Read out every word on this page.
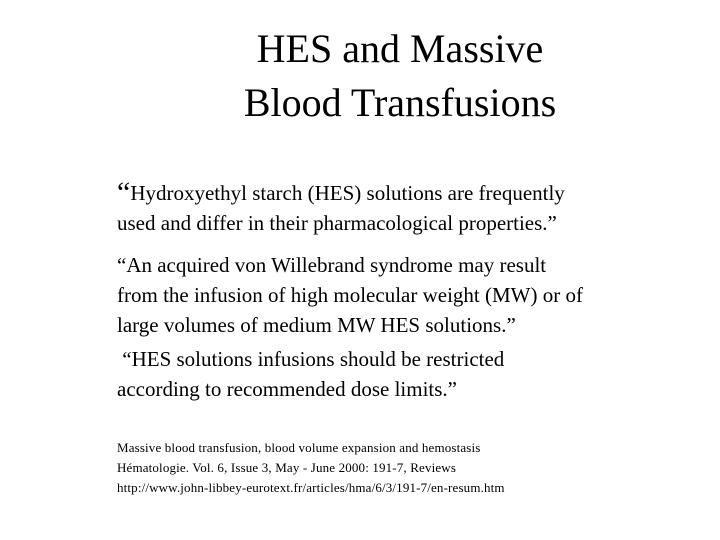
HES and Massive
Blood Transfusions
“Hydroxyethyl starch (HES) solutions are frequently
used and differ in their pharmacological properties.”
“An acquired von Willebrand syndrome may result
from the infusion of high molecular weight (MW) or of
large volumes of medium MW HES solutions.”
“HES solutions infusions should be restricted
according to recommended dose limits.”
Massive blood transfusion, blood volume expansion and hemostasis
Hématologie. Vol. 6, Issue 3, May - June 2000: 191-7, Reviews
http://www.john-libbey-eurotext.fr/articles/hma/6/3/191-7/en-resum.htm
